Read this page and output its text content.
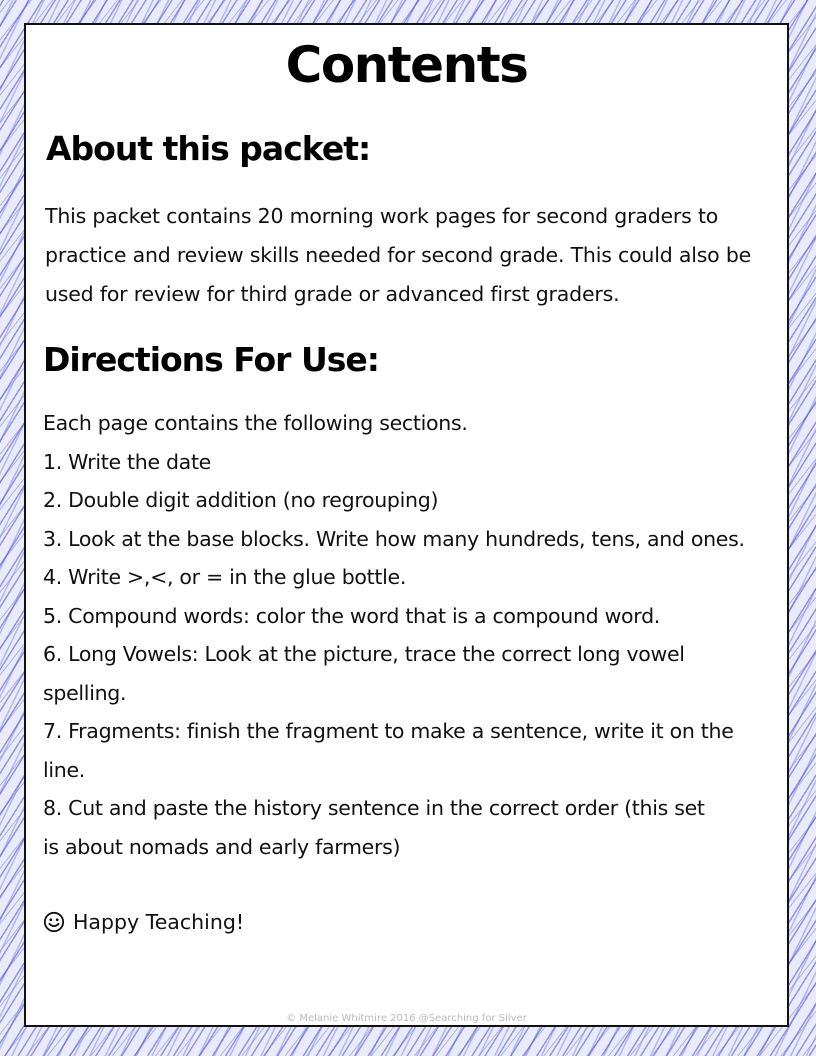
Contents
About this packet:

This packet contains 20 morning work pages for second graders to practice and review skills needed for second grade. This could also be used for review for third grade or advanced first graders.

Directions For Use:
Each page contains the following sections.
1. Write the date
2. Double digit addition (no regrouping)
3. Look at the base blocks. Write how many hundreds, tens, and ones.
4. Write >,<, or = in the glue bottle.
5. Compound words: color the word that is a compound word.
6. Long Vowels: Look at the picture, trace the correct long vowel
spelling.
7. Fragments: finish the fragment to make a sentence, write it on the
line.
8. Cut and paste the history sentence in the correct order (this set
is about nomads and early farmers)
Happy Teaching!
© Melanie Whitmire 2016 @Searching for Silver
